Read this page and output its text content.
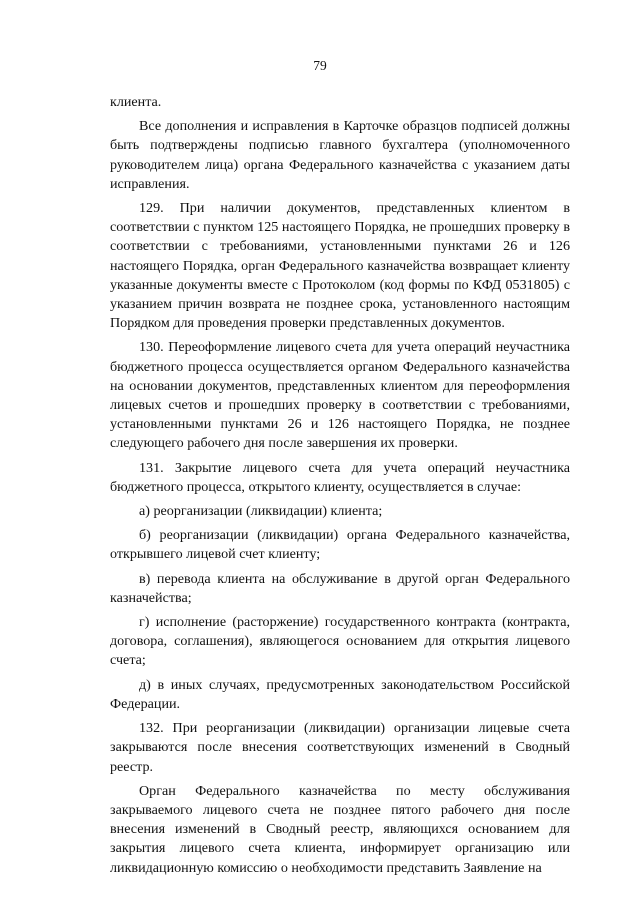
79

клиента.

Все дополнения и исправления в Карточке образцов подписей должны быть подтверждены подписью главного бухгалтера (уполномоченного руководителем лица) органа Федерального казначейства с указанием даты исправления.

129. При наличии документов, представленных клиентом в соответствии с пунктом 125 настоящего Порядка, не прошедших проверку в соответствии с требованиями, установленными пунктами 26 и 126 настоящего Порядка, орган Федерального казначейства возвращает клиенту указанные документы вместе с Протоколом (код формы по КФД 0531805) с указанием причин возврата не позднее срока, установленного настоящим Порядком для проведения проверки представленных документов.

130. Переоформление лицевого счета для учета операций неучастника бюджетного процесса осуществляется органом Федерального казначейства на основании документов, представленных клиентом для переоформления лицевых счетов и прошедших проверку в соответствии с требованиями, установленными пунктами 26 и 126 настоящего Порядка, не позднее следующего рабочего дня после завершения их проверки.

131. Закрытие лицевого счета для учета операций неучастника бюджетного процесса, открытого клиенту, осуществляется в случае:

а) реорганизации (ликвидации) клиента;

б) реорганизации (ликвидации) органа Федерального казначейства, открывшего лицевой счет клиенту;

в) перевода клиента на обслуживание в другой орган Федерального казначейства;

г) исполнение (расторжение) государственного контракта (контракта, договора, соглашения), являющегося основанием для открытия лицевого счета;

д) в иных случаях, предусмотренных законодательством Российской Федерации.

132. При реорганизации (ликвидации) организации лицевые счета закрываются после внесения соответствующих изменений в Сводный реестр.

Орган Федерального казначейства по месту обслуживания закрываемого лицевого счета не позднее пятого рабочего дня после внесения изменений в Сводный реестр, являющихся основанием для закрытия лицевого счета клиента, информирует организацию или ликвидационную комиссию о необходимости представить Заявление на
